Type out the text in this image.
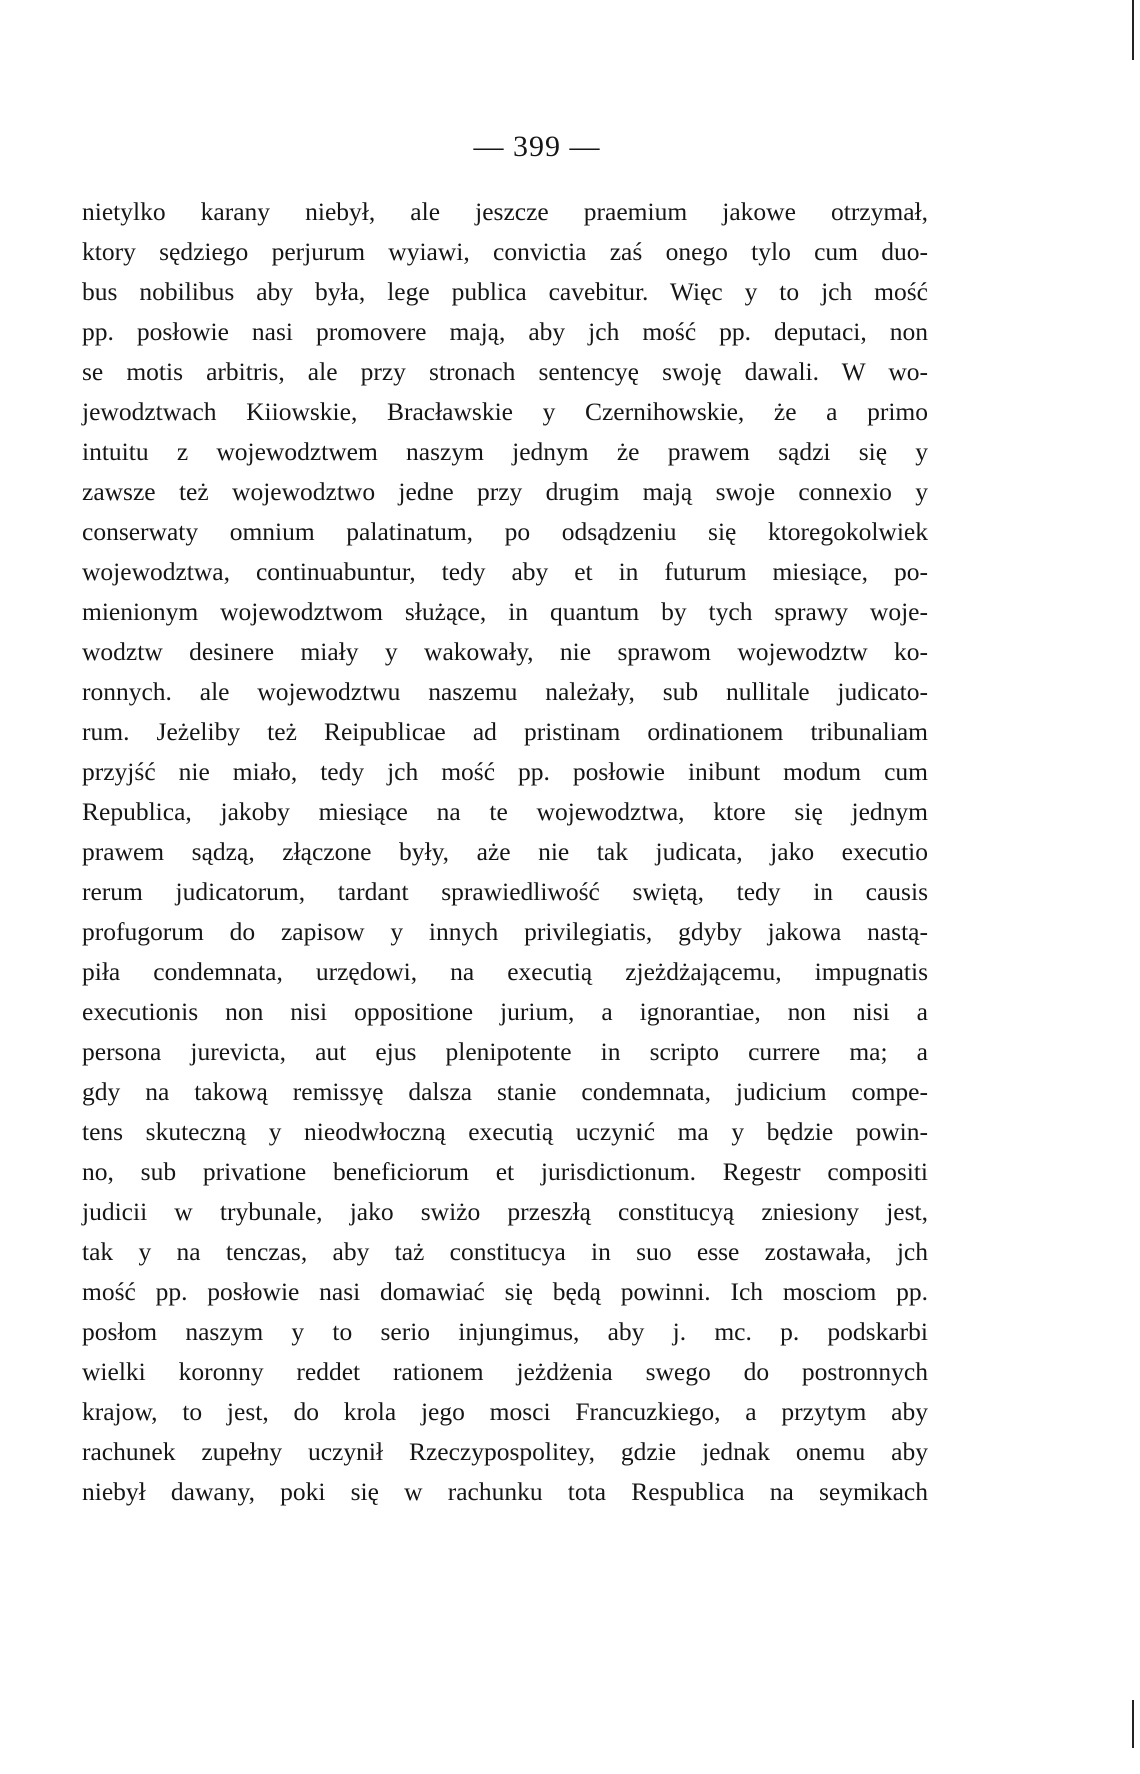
— 399 —
nietylko karany niebył, ale jeszcze praemium jakowe otrzymał,
ktory sędziego perjurum wyiawi, convictia zaś onego tylo cum duo-
bus nobilibus aby była, lege publica cavebitur. Więc y to jch mość
pp. posłowie nasi promovere mają, aby jch mość pp. deputaci, non
se motis arbitris, ale przy stronach sentencyę swoję dawali. W wo-
jewodztwach Kiiowskie, Bracławskie y Czernihowskie, że a primo
intuitu z wojewodztwem naszym jednym że prawem sądzi się y
zawsze też wojewodztwo jedne przy drugim mają swoje connexio y
conserwaty omnium palatinatum, po odsądzeniu się ktoregokolwiek
wojewodztwa, continuabuntur, tedy aby et in futurum miesiące, po-
mienionym wojewodztwom służące, in quantum by tych sprawy woje-
wodztw desinere miały y wakowały, nie sprawom wojewodztw ko-
ronnych. ale wojewodztwu naszemu należały, sub nullitale judicato-
rum. Jeżeliby też Reipublicae ad pristinam ordinationem tribunaliam
przyjść nie miało, tedy jch mość pp. posłowie inibunt modum cum
Republica, jakoby miesiące na te wojewodztwa, ktore się jednym
prawem sądzą, złączone były, aże nie tak judicata, jako executio
rerum judicatorum, tardant sprawiedliwość swiętą, tedy in causis
profugorum do zapisow y innych privilegiatis, gdyby jakowa nastą-
piła condemnata, urzędowi, na executią zjeżdżającemu, impugnatis
executionis non nisi oppositione jurium, a ignorantiae, non nisi a
persona jurevicta, aut ejus plenipotente in scripto currere ma; a
gdy na takową remissyę dalsza stanie condemnata, judicium compe-
tens skuteczną y nieodwłoczną executią uczynić ma y będzie powin-
no, sub privatione beneficiorum et jurisdictionum. Regestr compositi
judicii w trybunale, jako swiżo przeszłą constitucyą zniesiony jest,
tak y na tenczas, aby taż constitucya in suo esse zostawała, jch
mość pp. posłowie nasi domawiać się będą powinni. Ich mosciom pp.
posłom naszym y to serio injungimus, aby j. mc. p. podskarbi
wielki koronny reddet rationem jeżdżenia swego do postronnych
krajow, to jest, do krola jego mosci Francuzkiego, a przytym aby
rachunek zupełny uczynił Rzeczypospolitey, gdzie jednak onemu aby
niebył dawany, poki się w rachunku tota Respublica na seymikach
